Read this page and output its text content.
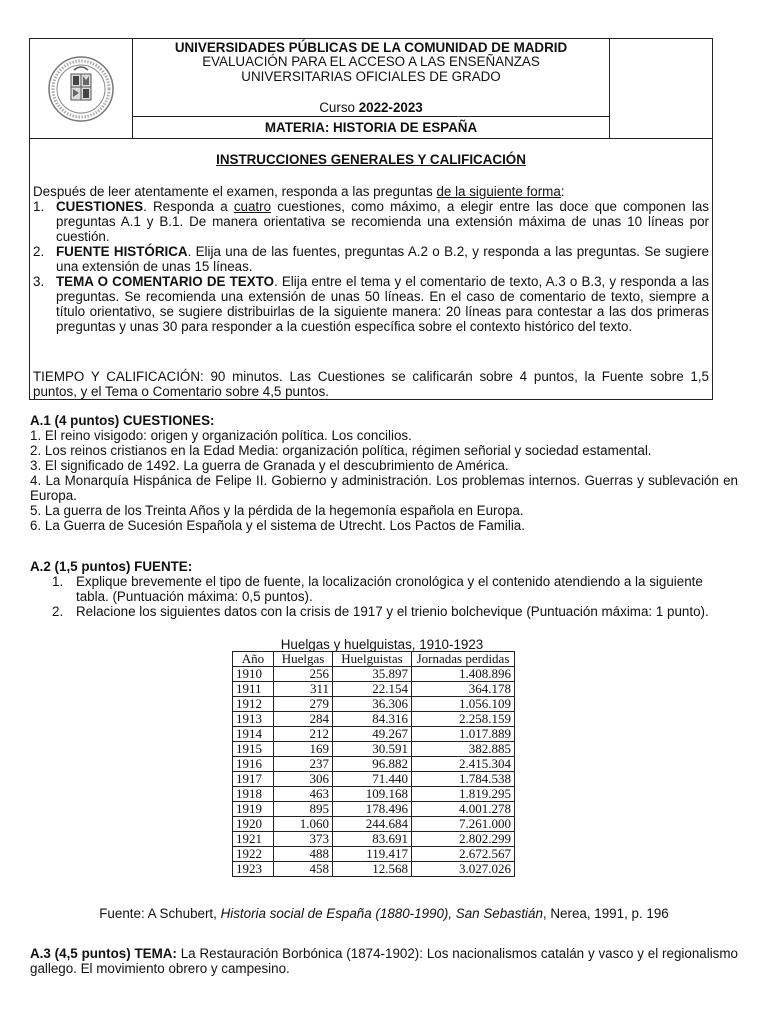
UNIVERSIDADES PÚBLICAS DE LA COMUNIDAD DE MADRID
EVALUACIÓN PARA EL ACCESO A LAS ENSEÑANZAS
UNIVERSITARIAS OFICIALES DE GRADO
Curso 2022-2023
MATERIA: HISTORIA DE ESPAÑA
INSTRUCCIONES GENERALES Y CALIFICACIÓN
Después de leer atentamente el examen, responda a las preguntas de la siguiente forma:
1. CUESTIONES. Responda a cuatro cuestiones, como máximo, a elegir entre las doce que componen las preguntas A.1 y B.1. De manera orientativa se recomienda una extensión máxima de unas 10 líneas por cuestión.
2. FUENTE HISTÓRICA. Elija una de las fuentes, preguntas A.2 o B.2, y responda a las preguntas. Se sugiere una extensión de unas 15 líneas.
3. TEMA O COMENTARIO DE TEXTO. Elija entre el tema y el comentario de texto, A.3 o B.3, y responda a las preguntas. Se recomienda una extensión de unas 50 líneas. En el caso de comentario de texto, siempre a título orientativo, se sugiere distribuirlas de la siguiente manera: 20 líneas para contestar a las dos primeras preguntas y unas 30 para responder a la cuestión específica sobre el contexto histórico del texto.
TIEMPO Y CALIFICACIÓN: 90 minutos. Las Cuestiones se calificarán sobre 4 puntos, la Fuente sobre 1,5 puntos, y el Tema o Comentario sobre 4,5 puntos.
A.1 (4 puntos) CUESTIONES:
1. El reino visigodo: origen y organización política. Los concilios.
2. Los reinos cristianos en la Edad Media: organización política, régimen señorial y sociedad estamental.
3. El significado de 1492. La guerra de Granada y el descubrimiento de América.
4. La Monarquía Hispánica de Felipe II. Gobierno y administración. Los problemas internos. Guerras y sublevación en Europa.
5. La guerra de los Treinta Años y la pérdida de la hegemonía española en Europa.
6. La Guerra de Sucesión Española y el sistema de Utrecht. Los Pactos de Familia.
A.2 (1,5 puntos) FUENTE:
1. Explique brevemente el tipo de fuente, la localización cronológica y el contenido atendiendo a la siguiente tabla. (Puntuación máxima: 0,5 puntos).
2. Relacione los siguientes datos con la crisis de 1917 y el trienio bolchevique (Puntuación máxima: 1 punto).
Huelgas y huelguistas, 1910-1923
Año	Huelgas	Huelguistas	Jornadas perdidas
1910	256	35.897	1.408.896
1911	311	22.154	364.178
1912	279	36.306	1.056.109
1913	284	84.316	2.258.159
1914	212	49.267	1.017.889
1915	169	30.591	382.885
1916	237	96.882	2.415.304
1917	306	71.440	1.784.538
1918	463	109.168	1.819.295
1919	895	178.496	4.001.278
1920	1.060	244.684	7.261.000
1921	373	83.691	2.802.299
1922	488	119.417	2.672.567
1923	458	12.568	3.027.026
Fuente: A Schubert, Historia social de España (1880-1990), San Sebastián, Nerea, 1991, p. 196
A.3 (4,5 puntos) TEMA: La Restauración Borbónica (1874-1902): Los nacionalismos catalán y vasco y el regionalismo gallego. El movimiento obrero y campesino.
